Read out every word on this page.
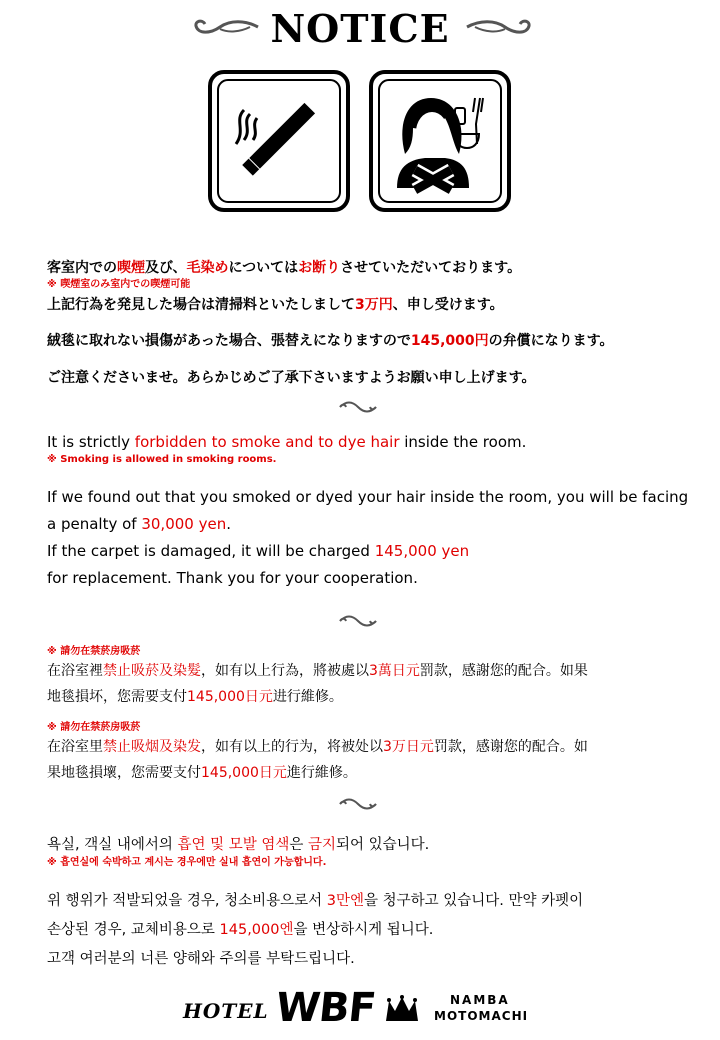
NOTICE
客室内での喫煙及び、毛染めについてはお断りさせていただいております。
※ 喫煙室のみ室内での喫煙可能
上記行為を発見した場合は清掃料といたしまして3万円、申し受けます。
絨毯に取れない損傷があった場合、張替えになりますので145,000円の弁償になります。
ご注意くださいませ。あらかじめご了承下さいますようお願い申し上げます。
It is strictly forbidden to smoke and to dye hair inside the room.
※ Smoking is allowed in smoking rooms.
If we found out that you smoked or dyed your hair inside the room, you will be facing
a penalty of 30,000 yen.
If the carpet is damaged, it will be charged 145,000 yen
for replacement. Thank you for your cooperation.
※ 請勿在禁菸房吸菸
在浴室裡禁止吸菸及染髮，如有以上行為，將被處以3萬日元罰款，感謝您的配合。如果
地毯損坏，您需要支付145,000日元进行維修。
※ 請勿在禁菸房吸菸
在浴室里禁止吸烟及染发，如有以上的行为，将被处以3万日元罚款，感谢您的配合。如
果地毯損壞，您需要支付145,000日元進行維修。
욕실, 객실 내에서의 흡연 및 모발 염색은 금지되어 있습니다.
※ 흡연실에 숙박하고 계시는 경우에만 실내 흡연이 가능합니다.
위 행위가 적발되었을 경우, 청소비용으로서 3만엔을 청구하고 있습니다. 만약 카펫이
손상된 경우, 교체비용으로 145,000엔을 변상하시게 됩니다.
고객 여러분의 너른 양해와 주의를 부탁드립니다.
HOTEL WBF	NAMBA
MOTOMACHI
